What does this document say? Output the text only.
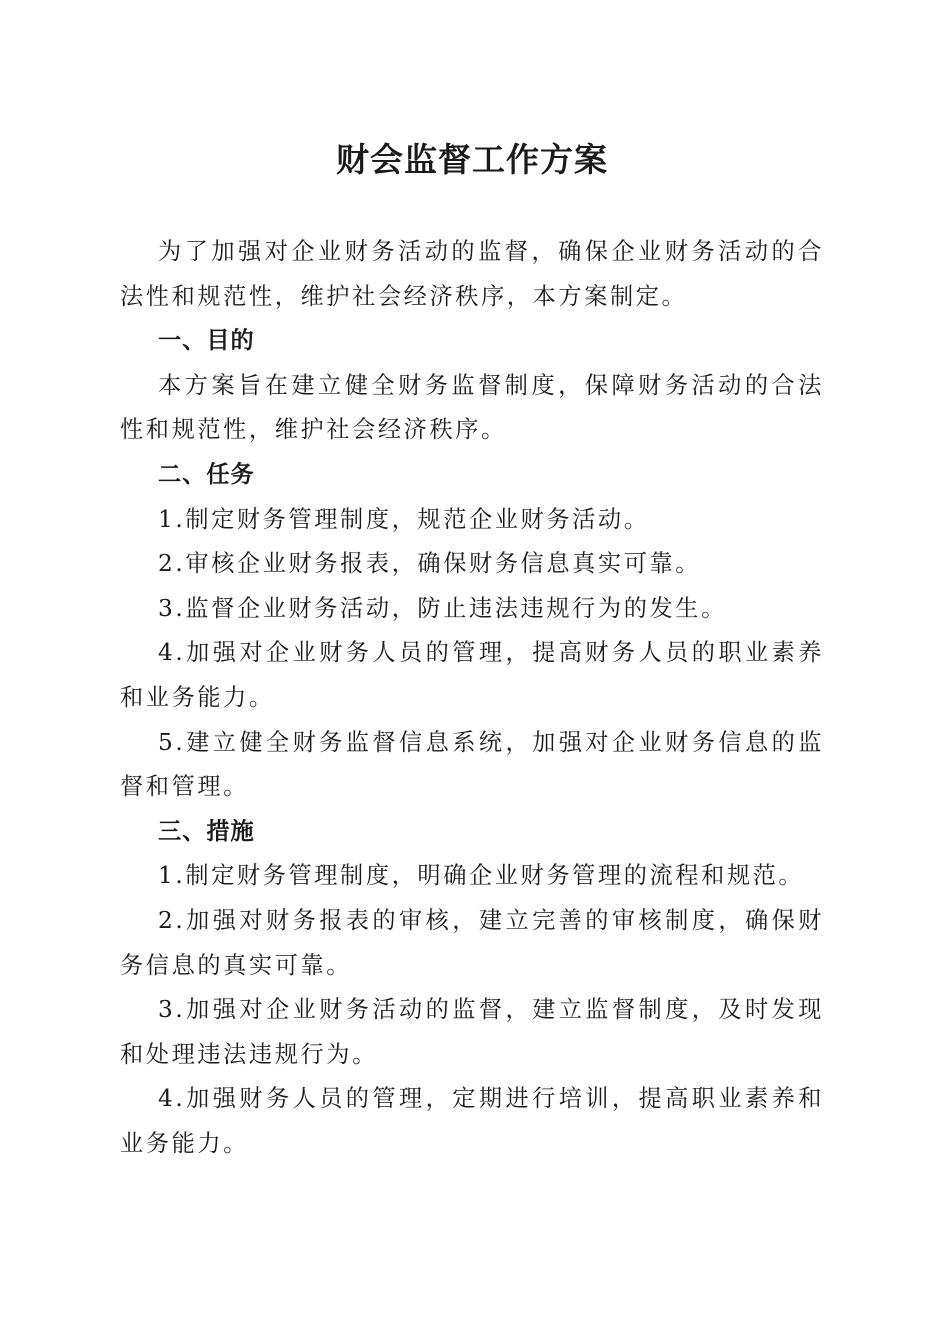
财会监督工作方案

为了加强对企业财务活动的监督，确保企业财务活动的合法性和规范性，维护社会经济秩序，本方案制定。

一、目的

本方案旨在建立健全财务监督制度，保障财务活动的合法性和规范性，维护社会经济秩序。

二、任务

1.制定财务管理制度，规范企业财务活动。

2.审核企业财务报表，确保财务信息真实可靠。

3.监督企业财务活动，防止违法违规行为的发生。

4.加强对企业财务人员的管理，提高财务人员的职业素养和业务能力。

5.建立健全财务监督信息系统，加强对企业财务信息的监督和管理。

三、措施

1.制定财务管理制度，明确企业财务管理的流程和规范。

2.加强对财务报表的审核，建立完善的审核制度，确保财务信息的真实可靠。

3.加强对企业财务活动的监督，建立监督制度，及时发现和处理违法违规行为。

4.加强财务人员的管理，定期进行培训，提高职业素养和业务能力。
